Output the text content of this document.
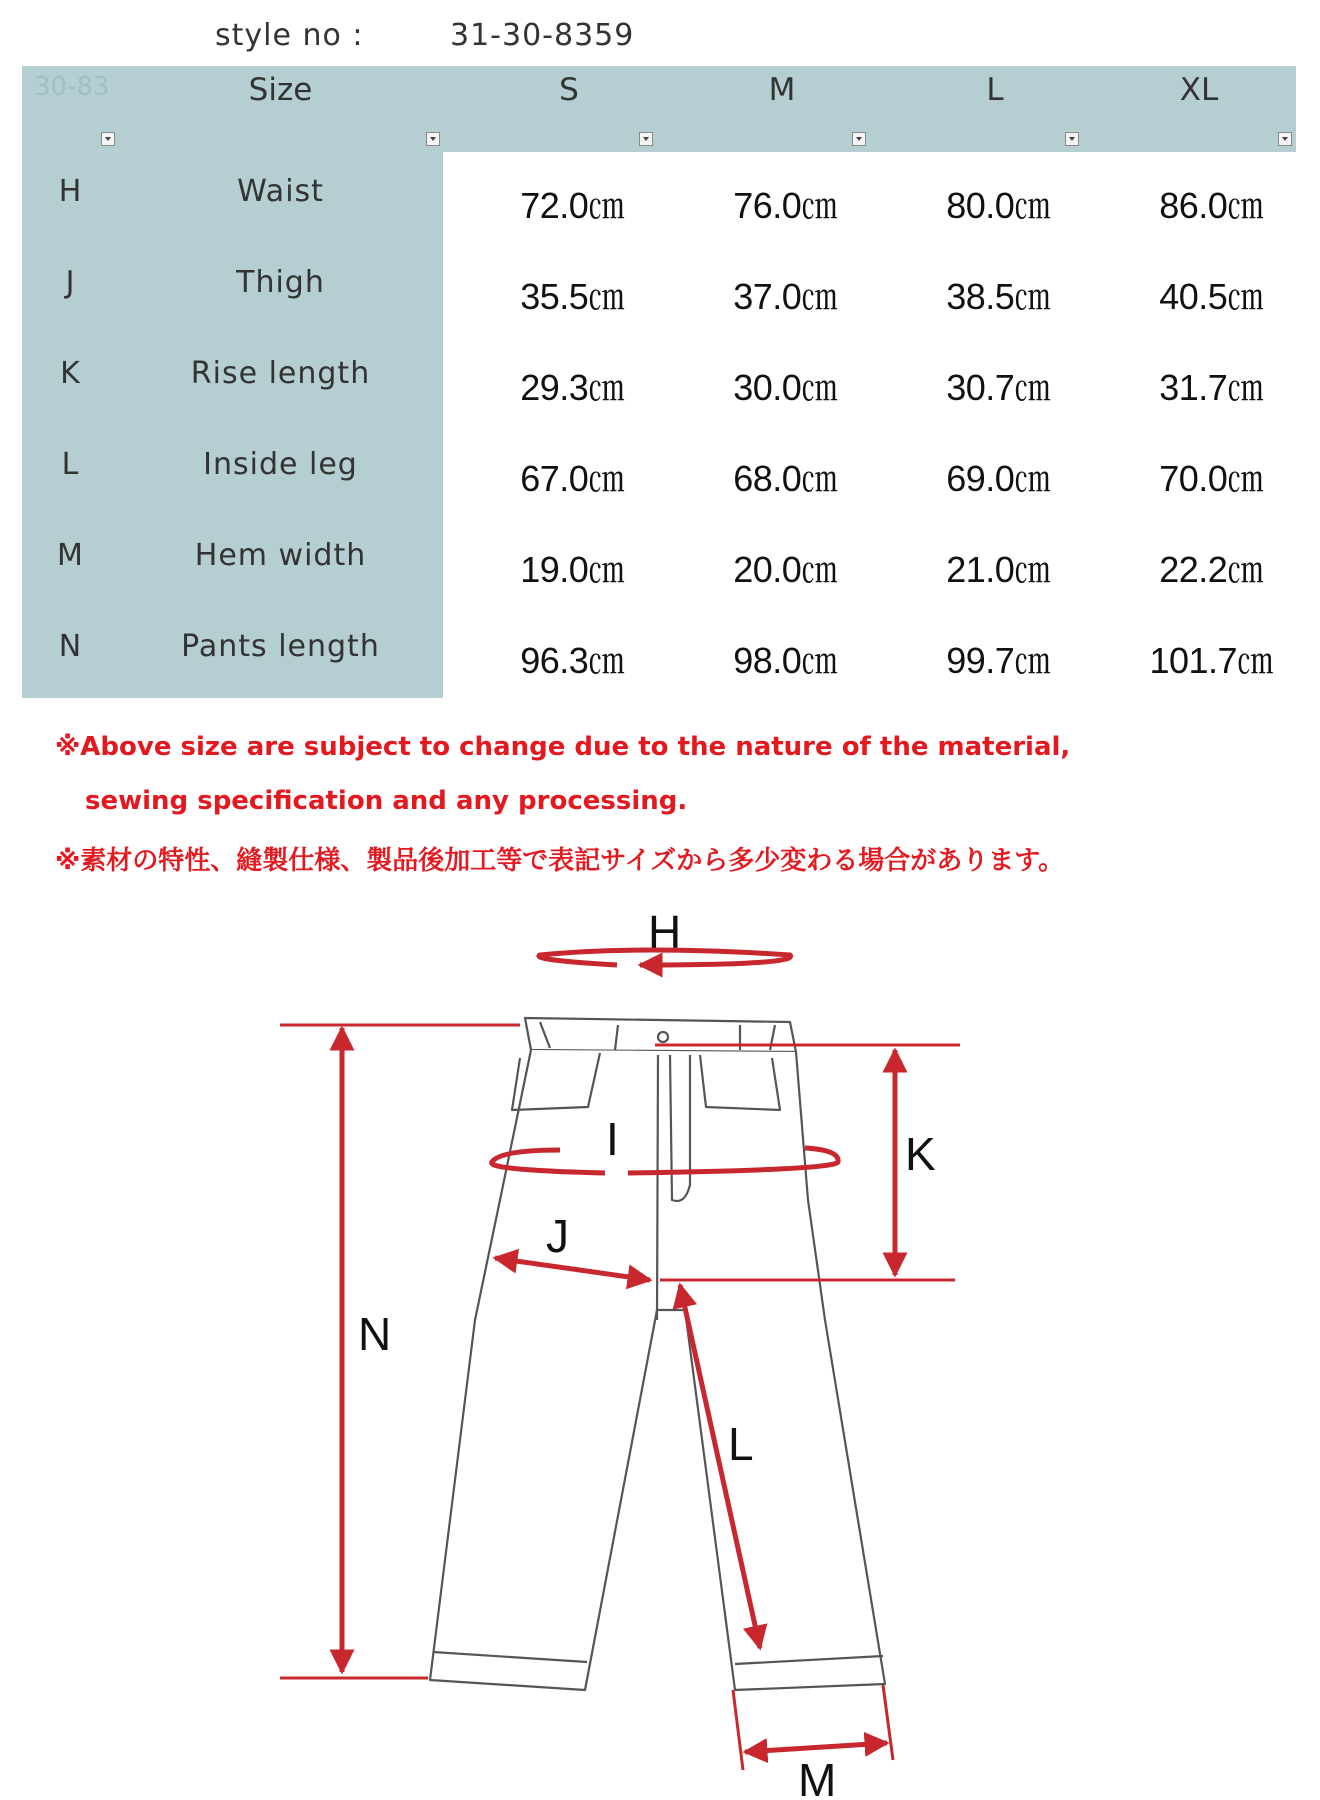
style no :	31-30-8359
30-83	Size	S	M	L	XL
H	Waist	72.0㎝	76.0㎝	80.0㎝	86.0㎝
J	Thigh	35.5㎝	37.0㎝	38.5㎝	40.5㎝
K	Rise length	29.3㎝	30.0㎝	30.7㎝	31.7㎝
L	Inside leg	67.0㎝	68.0㎝	69.0㎝	70.0㎝
M	Hem width	19.0㎝	20.0㎝	21.0㎝	22.2㎝
N	Pants length	96.3㎝	98.0㎝	99.7㎝	101.7㎝
※Above size are subject to change due to the nature of the material,
sewing specification and any processing.
※素材の特性、縫製仕様、製品後加工等で表記サイズから多少変わる場合があります。
H
I
J
K
L
M
N
